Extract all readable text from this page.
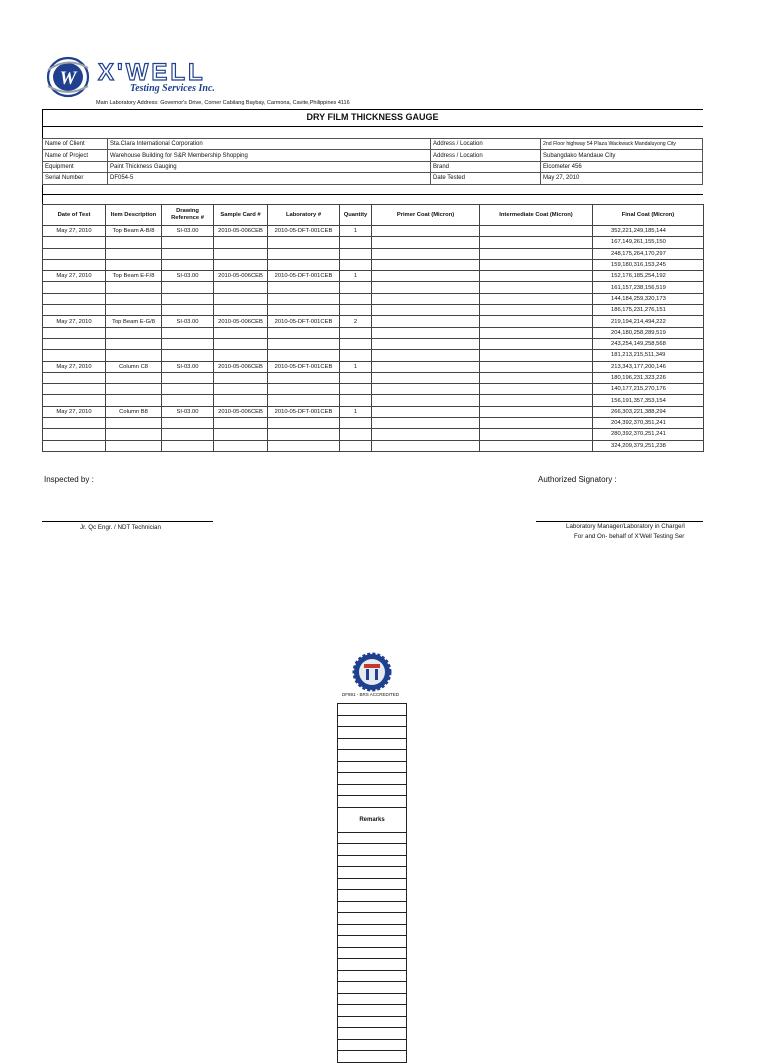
W X'WELL
Testing Services Inc.
Main Laboratory Address: Governor's Drive, Corner Cabilang Baybay, Carmona, Cavite,Philippines 4116
DRY FILM THICKNESS GAUGE
Name of Client	Sta.Clara International Corporation	Address / Location	2nd Floor highway 54 Plaza Wackwack Mandaluyong City
Name of Project	Warehouse Building for S&R Membership Shopping	Address / Location	Subangdako Mandaue City
Equipment	Paint Thickness Gauging	Brand	Elcometer 456
Serial Number	DF054-5	Date Tested	May 27, 2010
Date of Test	Item Description	Drawing Reference #	Sample Card #	Laboratory #	Quantity	Primer Coat (Micron)	Intermediate Coat (Micron)	Final Coat (Micron)
May 27, 2010	Top Beam A-B/8	SI-03.00	2010-05-006CEB	2010-05-DFT-001CEB	1			352,221,249,185,144
								167,149,261,155,150
								248,175,264,170,297
								159,180,316,153,245
May 27, 2010	Top Beam E-F/8	SI-03.00	2010-05-006CEB	2010-05-DFT-001CEB	1			152,176,185,254,192
								161,157,238,156,519
								144,184,259,320,173
								186,175,231,276,151
May 27, 2010	Top Beam E-G/8	SI-03.00	2010-05-006CEB	2010-05-DFT-001CEB	2			219,194,214,494,222
								204,180,258,289,519
								243,254,149,258,568
								181,213,215,511,349
May 27, 2010	Column C8	SI-03.00	2010-05-006CEB	2010-05-DFT-001CEB	1			213,343,177,200,146
								180,196,231,323,226
								140,177,215,270,176
								156,191,357,353,154
May 27, 2010	Column B8	SI-03.00	2010-05-006CEB	2010-05-DFT-001CEB	1			266,303,221,388,294
								204,392,370,351,241
								280,392,370,251,241
								324,209,379,251,238
Inspected by :
Jr. Qc Engr. / NDT Technician
Authorized Signatory :
Laboratory Manager/Laboratory in Charge/I
For and On- behalf of X'Well Testing Ser
DF891 - BRS ACCREDITED

Remarks
